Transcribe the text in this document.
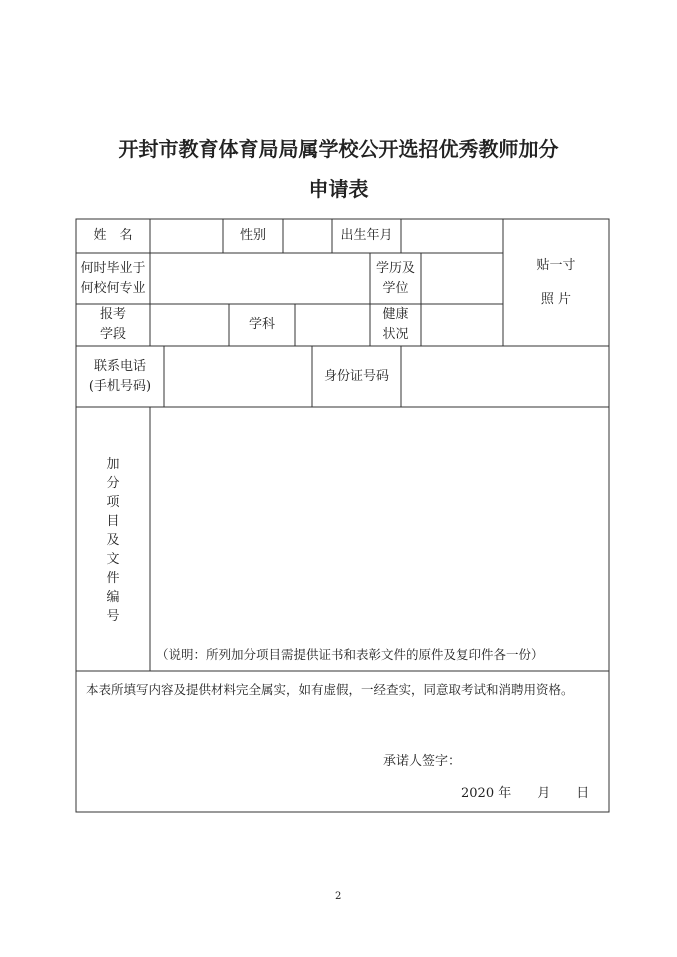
开封市教育体育局局属学校公开选招优秀教师加分
申请表
姓　名	性别	出生年月
贴一寸
照 片
何时毕业于
何校何专业
学历及
学位
报考
学段
学科
健康
状况
联系电话
(手机号码)
身份证号码
加
分
项
目
及
文
件
编
号
（说明：所列加分项目需提供证书和表彰文件的原件及复印件各一份）
本表所填写内容及提供材料完全属实，如有虚假，一经查实，同意取考试和消聘用资格。
承诺人签字：
2020 年　　月　　日
2
